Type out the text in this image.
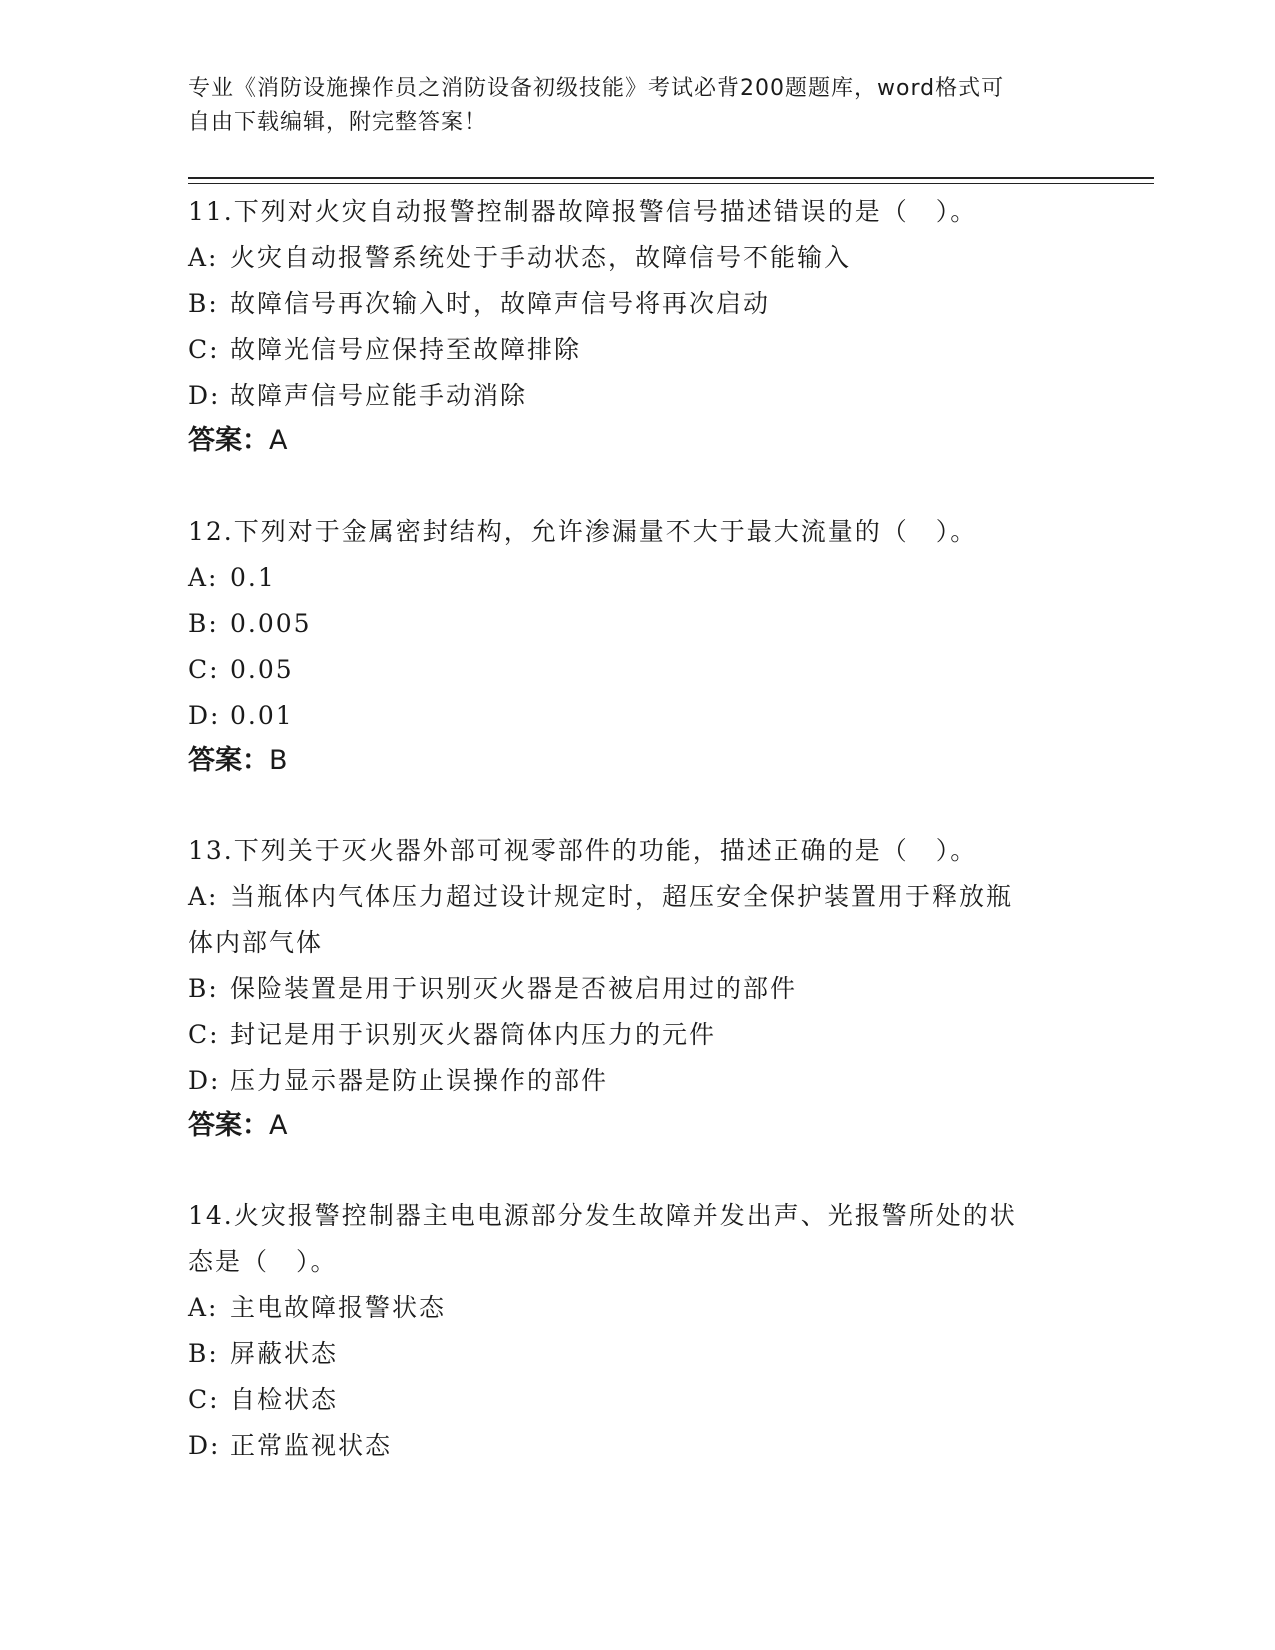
专业《消防设施操作员之消防设备初级技能》考试必背200题题库，word格式可
自由下载编辑，附完整答案！

11.下列对火灾自动报警控制器故障报警信号描述错误的是（　）。

A: 火灾自动报警系统处于手动状态，故障信号不能输入

B: 故障信号再次输入时，故障声信号将再次启动

C: 故障光信号应保持至故障排除

D: 故障声信号应能手动消除

答案：A

12.下列对于金属密封结构，允许渗漏量不大于最大流量的（　）。

A: 0.1

B: 0.005

C: 0.05

D: 0.01

答案：B

13.下列关于灭火器外部可视零部件的功能，描述正确的是（　）。

A: 当瓶体内气体压力超过设计规定时，超压安全保护装置用于释放瓶

体内部气体

B: 保险装置是用于识别灭火器是否被启用过的部件

C: 封记是用于识别灭火器筒体内压力的元件

D: 压力显示器是防止误操作的部件

答案：A

14.火灾报警控制器主电电源部分发生故障并发出声、光报警所处的状

态是（　）。

A: 主电故障报警状态

B: 屏蔽状态

C: 自检状态

D: 正常监视状态
